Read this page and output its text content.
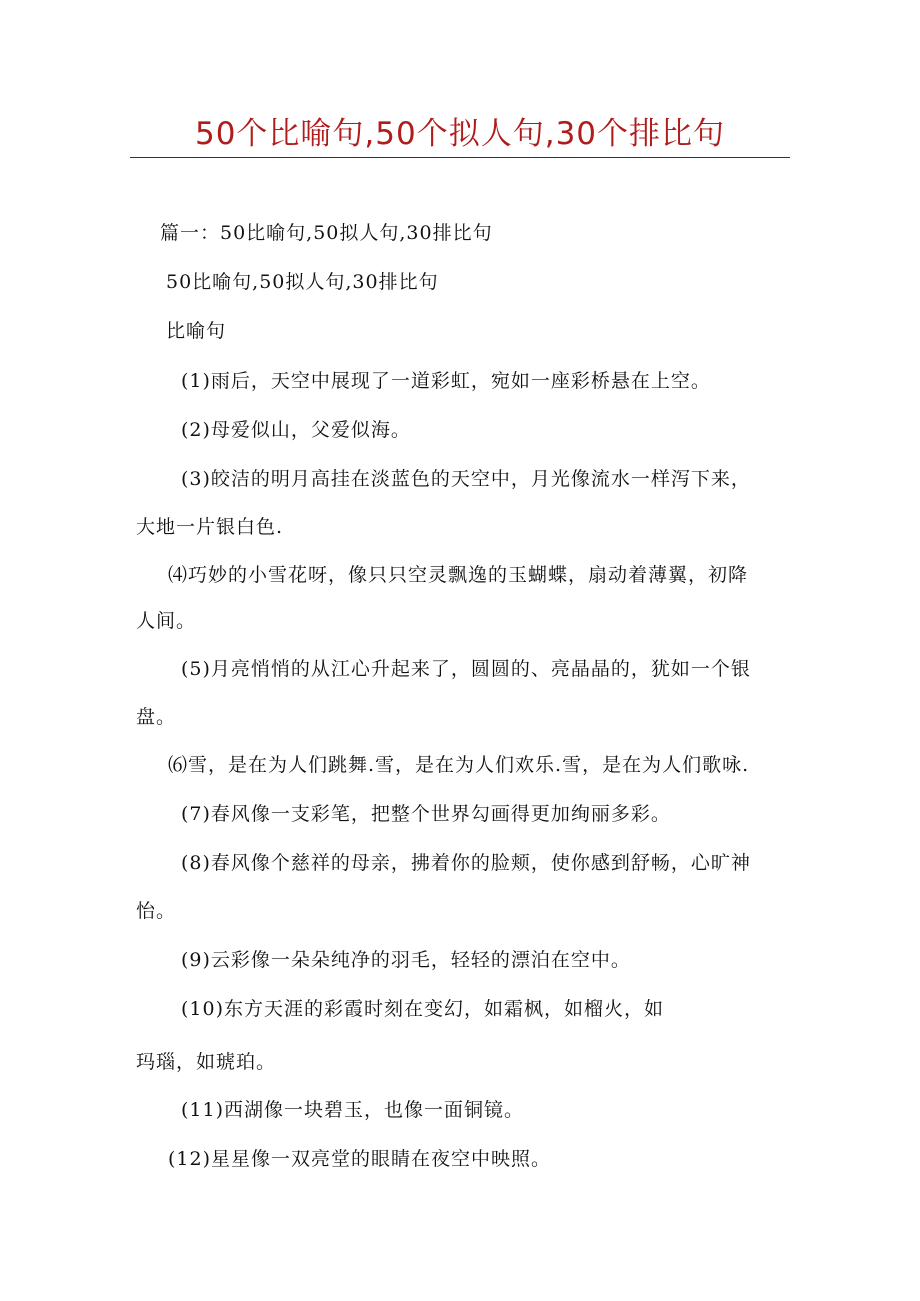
50个比喻句,50个拟人句,30个排比句
篇一：50比喻句,50拟人句,30排比句
50比喻句,50拟人句,30排比句
比喻句
(1)雨后，天空中展现了一道彩虹，宛如一座彩桥悬在上空。
(2)母爱似山，父爱似海。
(3)皎洁的明月高挂在淡蓝色的天空中，月光像流水一样泻下来，
大地一片银白色.
⑷巧妙的小雪花呀，像只只空灵飘逸的玉蝴蝶，扇动着薄翼，初降
人间。
(5)月亮悄悄的从江心升起来了，圆圆的、亮晶晶的，犹如一个银
盘。
⑹雪，是在为人们跳舞.雪，是在为人们欢乐.雪，是在为人们歌咏.
(7)春风像一支彩笔，把整个世界勾画得更加绚丽多彩。
(8)春风像个慈祥的母亲，拂着你的脸颊，使你感到舒畅，心旷神
怡。
(9)云彩像一朵朵纯净的羽毛，轻轻的漂泊在空中。
(10)东方天涯的彩霞时刻在变幻，如霜枫，如榴火，如
玛瑙，如琥珀。
(11)西湖像一块碧玉，也像一面铜镜。
(12)星星像一双亮堂的眼睛在夜空中映照。
